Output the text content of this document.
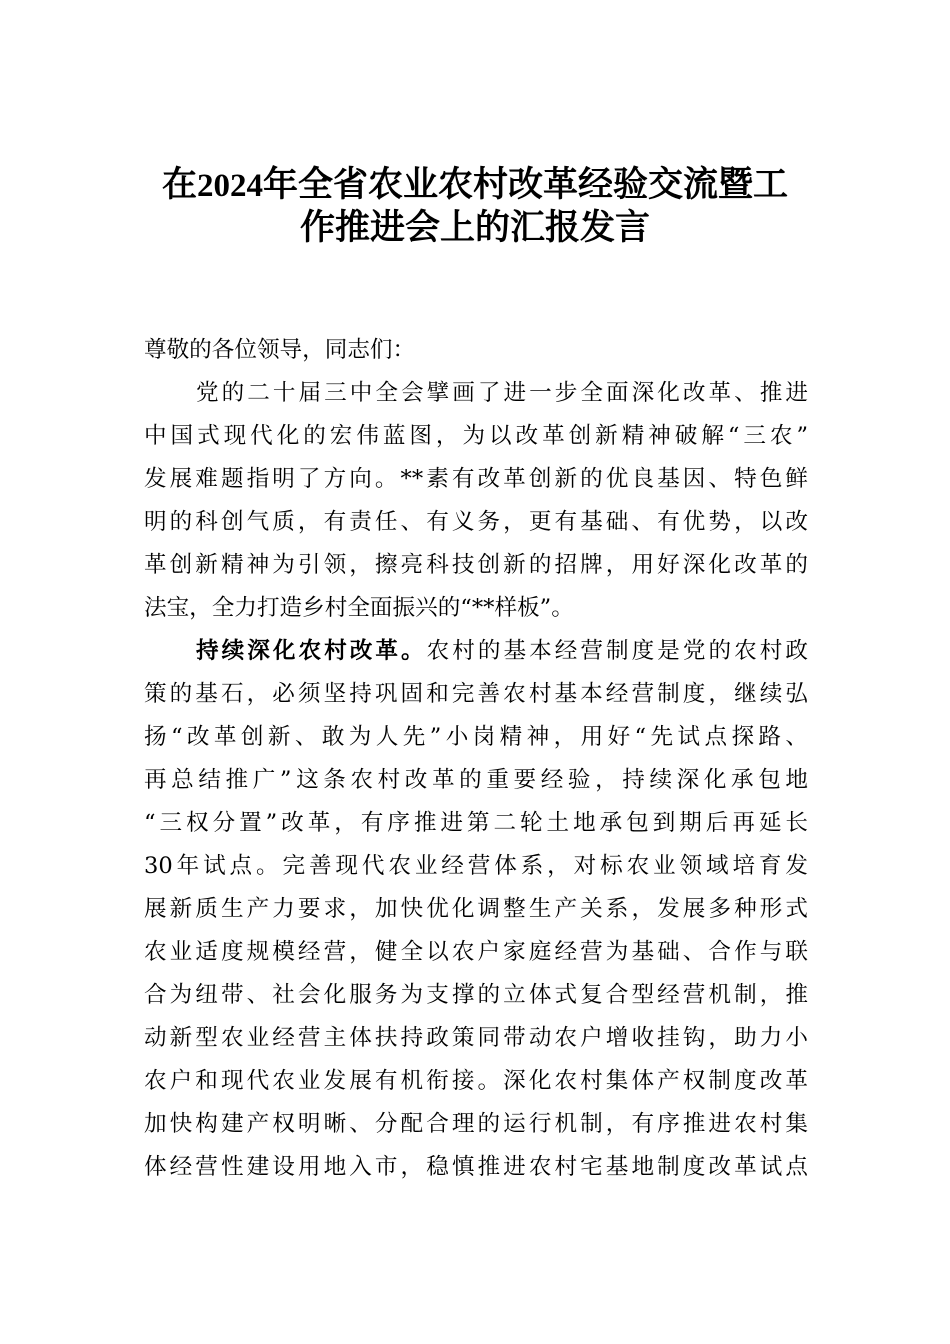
在2024年全省农业农村改革经验交流暨工
作推进会上的汇报发言
尊敬的各位领导，同志们：
党的二十届三中全会擘画了进一步全面深化改革、推进
中国式现代化的宏伟蓝图，为以改革创新精神破解“三农”
发展难题指明了方向。**素有改革创新的优良基因、特色鲜
明的科创气质，有责任、有义务，更有基础、有优势，以改
革创新精神为引领，擦亮科技创新的招牌，用好深化改革的
法宝，全力打造乡村全面振兴的“**样板”。
持续深化农村改革。农村的基本经营制度是党的农村政
策的基石，必须坚持巩固和完善农村基本经营制度，继续弘
扬“改革创新、敢为人先”小岗精神，用好“先试点探路、
再总结推广”这条农村改革的重要经验，持续深化承包地
“三权分置”改革，有序推进第二轮土地承包到期后再延长
30年试点。完善现代农业经营体系，对标农业领域培育发
展新质生产力要求，加快优化调整生产关系，发展多种形式
农业适度规模经营，健全以农户家庭经营为基础、合作与联
合为纽带、社会化服务为支撑的立体式复合型经营机制，推
动新型农业经营主体扶持政策同带动农户增收挂钩，助力小
农户和现代农业发展有机衔接。深化农村集体产权制度改革
加快构建产权明晰、分配合理的运行机制，有序推进农村集
体经营性建设用地入市，稳慎推进农村宅基地制度改革试点
